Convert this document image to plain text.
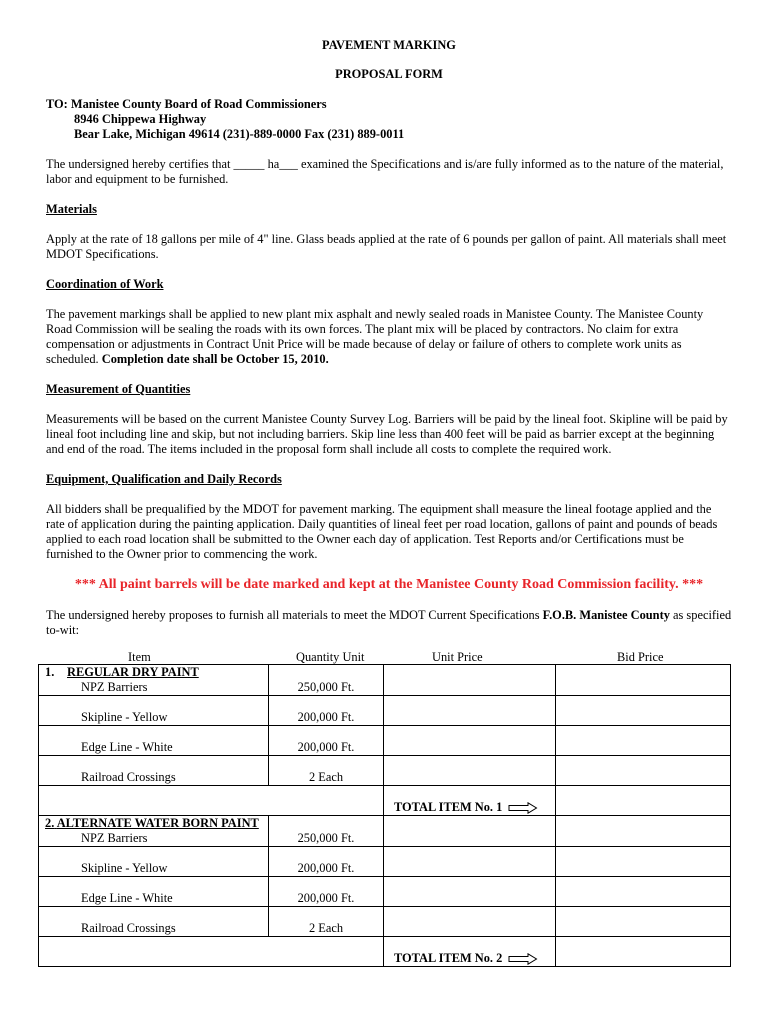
PAVEMENT MARKING
PROPOSAL FORM
TO: Manistee County Board of Road Commissioners
8946 Chippewa Highway
Bear Lake, Michigan 49614 (231)-889-0000 Fax (231) 889-0011

The undersigned hereby certifies that _____ ha___ examined the Specifications and is/are fully informed as to the nature of the material, labor and equipment to be furnished.

Materials

Apply at the rate of 18 gallons per mile of 4" line. Glass beads applied at the rate of 6 pounds per gallon of paint. All materials shall meet MDOT Specifications.

Coordination of Work

The pavement markings shall be applied to new plant mix asphalt and newly sealed roads in Manistee County. The Manistee County Road Commission will be sealing the roads with its own forces. The plant mix will be placed by contractors. No claim for extra compensation or adjustments in Contract Unit Price will be made because of delay or failure of others to complete work units as scheduled. Completion date shall be October 15, 2010.

Measurement of Quantities

Measurements will be based on the current Manistee County Survey Log. Barriers will be paid by the lineal foot. Skipline will be paid by lineal foot including line and skip, but not including barriers. Skip line less than 400 feet will be paid as barrier except at the beginning and end of the road. The items included in the proposal form shall include all costs to complete the required work.

Equipment, Qualification and Daily Records

All bidders shall be prequalified by the MDOT for pavement marking. The equipment shall measure the lineal footage applied and the rate of application during the painting application. Daily quantities of lineal feet per road location, gallons of paint and pounds of beads applied to each road location shall be submitted to the Owner each day of application. Test Reports and/or Certifications must be furnished to the Owner prior to commencing the work.

*** All paint barrels will be date marked and kept at the Manistee County Road Commission facility. ***

The undersigned hereby proposes to furnish all materials to meet the MDOT Current Specifications F.O.B. Manistee County as specified to-wit:

Item	Quantity Unit	Unit Price	Bid Price
1. REGULAR DRY PAINT
NPZ Barriers	250,000 Ft.		

Skipline - Yellow	200,000 Ft.		

Edge Line - White	200,000 Ft.		

Railroad Crossings	2 Each		

		TOTAL ITEM No. 1	

2. ALTERNATE WATER BORN PAINT
NPZ Barriers	250,000 Ft.		

Skipline - Yellow	200,000 Ft.		

Edge Line - White	200,000 Ft.		

Railroad Crossings	2 Each		

		TOTAL ITEM No. 2	
